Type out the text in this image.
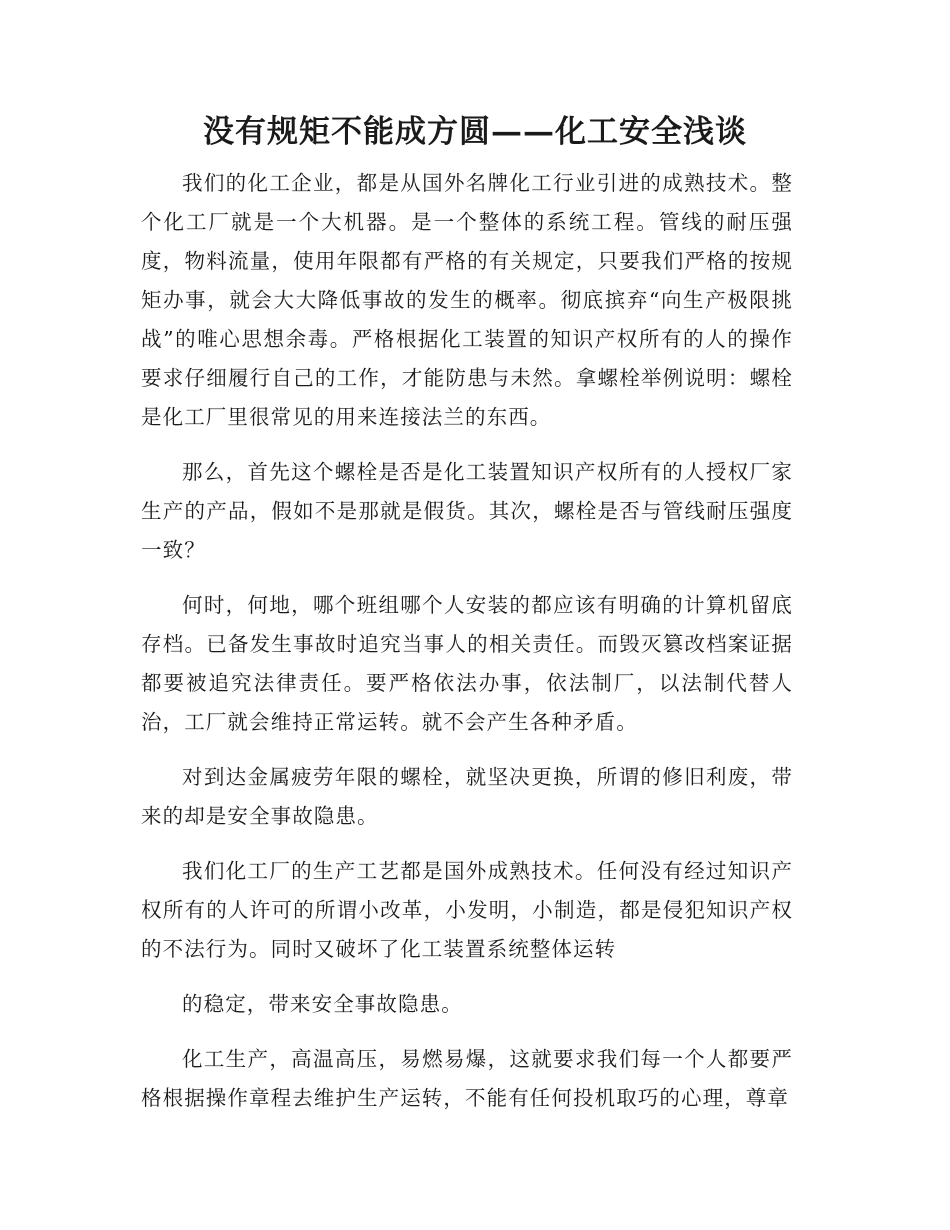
没有规矩不能成方圆——化工安全浅谈

我们的化工企业，都是从国外名牌化工行业引进的成熟技术。整个化工厂就是一个大机器。是一个整体的系统工程。管线的耐压强度，物料流量，使用年限都有严格的有关规定，只要我们严格的按规矩办事，就会大大降低事故的发生的概率。彻底摈弃“向生产极限挑战”的唯心思想余毒。严格根据化工装置的知识产权所有的人的操作要求仔细履行自己的工作，才能防患与未然。拿螺栓举例说明：螺栓是化工厂里很常见的用来连接法兰的东西。

那么，首先这个螺栓是否是化工装置知识产权所有的人授权厂家生产的产品，假如不是那就是假货。其次，螺栓是否与管线耐压强度一致？

何时，何地，哪个班组哪个人安装的都应该有明确的计算机留底存档。已备发生事故时追究当事人的相关责任。而毁灭篡改档案证据都要被追究法律责任。要严格依法办事，依法制厂，以法制代替人治，工厂就会维持正常运转。就不会产生各种矛盾。

对到达金属疲劳年限的螺栓，就坚决更换，所谓的修旧利废，带来的却是安全事故隐患。

我们化工厂的生产工艺都是国外成熟技术。任何没有经过知识产权所有的人许可的所谓小改革，小发明，小制造，都是侵犯知识产权的不法行为。同时又破坏了化工装置系统整体运转

的稳定，带来安全事故隐患。

化工生产，高温高压，易燃易爆，这就要求我们每一个人都要严格根据操作章程去维护生产运转，不能有任何投机取巧的心理，尊章
